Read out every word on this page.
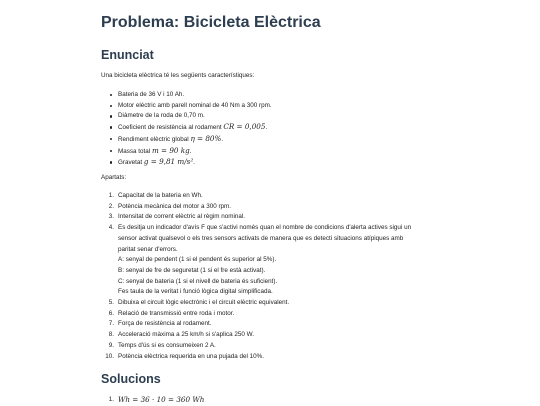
Problema: Bicicleta Elèctrica
Enunciat

Una bicicleta elèctrica té les següents característiques:

Bateria de 36 V i 10 Ah.
Motor elèctric amb parell nominal de 40 Nm a 300 rpm.
Diàmetre de la roda de 0,70 m.
Coeficient de resistència al rodament CR = 0,005.
Rendiment elèctric global η = 80%.
Massa total m = 90 kg.
Gravetat g = 9,81 m/s².

Apartats:

1. Capacitat de la bateria en Wh.
2. Potència mecànica del motor a 300 rpm.
3. Intensitat de corrent elèctric al règim nominal.
4. Es desitja un indicador d'avís F que s'activi només quan el nombre de condicions d'alerta actives sigui un
sensor activat qualsevol o els tres sensors activats de manera que es detecti situacions atípiques amb
paritat senar d'errors.
A: senyal de pendent (1 si el pendent és superior al 5%).
B: senyal de fre de seguretat (1 si el fre està activat).
C: senyal de bateria (1 si el nivell de bateria és suficient).
Fes taula de la veritat i funció lògica digital simplificada.
5. Dibuixa el circuit lògic electrònic i el circuit elèctric equivalent.
6. Relació de transmissió entre roda i motor.
7. Força de resistència al rodament.
8. Acceleració màxima a 25 km/h si s'aplica 250 W.
9. Temps d'ús si es consumeixen 2 A.
10. Potència elèctrica requerida en una pujada del 10%.
Solucions
1. Wh = 36 · 10 = 360 Wh
